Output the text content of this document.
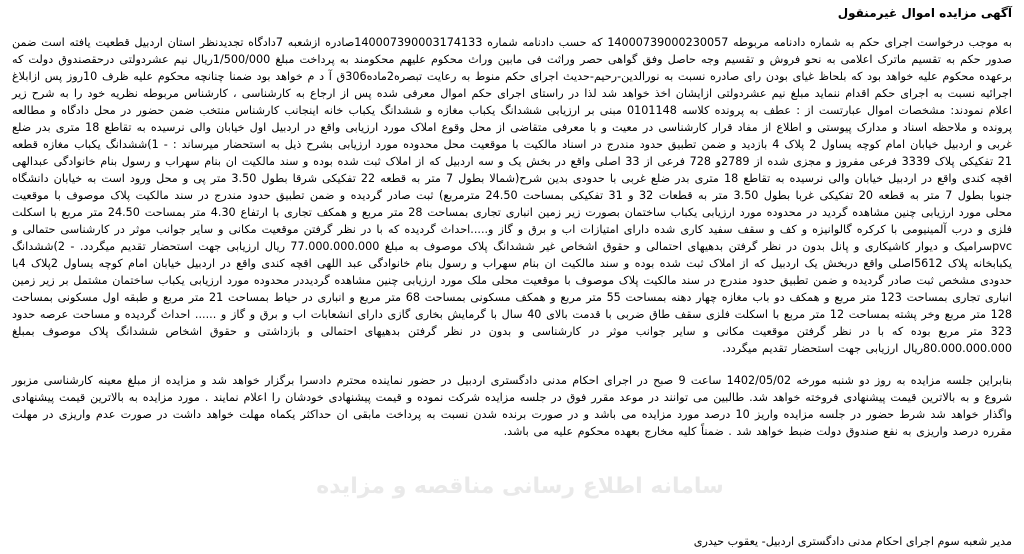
آگهی مزایده اموال غیرمنقول

به موجب درخواست اجرای حکم به شماره دادنامه مربوطه 14000739000230057 که حسب دادنامه شماره 140007390003174133صادره ازشعبه 7دادگاه تجدیدنظر استان اردبیل قطعیت یافته است ضمن صدور حکم به تقسیم ماترک اعلامی به نحو فروش و تقسیم وجه حاصل وفق گواهی حصر وراثت فی مابین وراث محکوم علیهم محکومند به پرداخت مبلغ 1/500/000ریال نیم عشردولتی درحقصندوق دولت که برعهده محکوم علیه خواهد بود که بلحاظ غیای بودن رای صادره نسبت به نورالدین-رحیم-حدیث اجرای حکم منوط به رعایت تبصره2ماده306ق آ د م خواهد بود ضمنا چنانچه محکوم علیه ظرف 10روز پس ازابلاغ اجرائیه نسبت به اجرای حکم اقدام ننماید مبلغ نیم عشردولتی ازایشان اخذ خواهد شد لذا در راستای اجرای حکم اموال معرفی شده پس از ارجاع به کارشناسی ، کارشناس مربوطه نظریه خود را به شرح زیر اعلام نمودند: مشخصات اموال عبارتست از : عطف به پرونده کلاسه 0101148 مبنی بر ارزیابی ششدانگ یکباب مغازه و ششدانگ یکباب خانه اینجانب کارشناس منتخب ضمن حضور در محل دادگاه و مطالعه پرونده و ملاحظه اسناد و مدارک پیوستی و اطلاع از مفاد قرار کارشناسی در معیت و با معرفی متقاضی از محل وقوع املاک مورد ارزیابی واقع در اردبیل اول خیابان والی نرسیده به تقاطع 18 متری بدر ضلع غربی و اردبیل خیابان امام کوچه یساول 2 پلاک 4 بازدید و ضمن تطبیق حدود مندرج در اسناد مالکیت با موقعیت محل محدوده مورد ارزیابی بشرح ذیل به استحضار میرساند : - 1)ششدانگ یکباب مغازه قطعه 21 تفکیکی پلاک 3339 فرعی مفروز و مجزی شده از 2789و 728 فرعی از 33 اصلی واقع در بخش یک و سه اردبیل که از املاک ثبت شده بوده و سند مالکیت ان بنام سهراب و رسول بنام خانوادگی عبدالهی اقچه کندی واقع در اردبیل خیابان والی نرسیده به تقاطع 18 متری بدر ضلع غربی با حدودی بدین شرح(شمالا بطول 7 متر به قطعه 22 تفکیکی شرقا بطول 3.50 متر پی و محل ورود است به خیابان دانشگاه جنوبا بطول 7 متر به قطعه 20 تفکیکی غربا بطول 3.50 متر به قطعات 32 و 31 تفکیکی بمساحت 24.50 مترمربع) ثبت صادر گردیده و ضمن تطبیق حدود مندرج در سند مالکیت پلاک موصوف با موقعیت محلی مورد ارزیابی چنین مشاهده گردید در محدوده مورد ارزیابی یکباب ساختمان بصورت زیر زمین انباری تجاری بمساحت 28 متر مربع و همکف تجاری با ارتفاع 4.30 متر بمساحت 24.50 متر مربع با اسکلت فلزی و درب آلمینیومی با کرکره گالوانیزه و کف و سقف سفید کاری شده دارای امتیازات اب و برق و گاز و.....احداث گردیده که با در نظر گرفتن موقعیت مکانی و سایر جوانب موثر در کارشناسی حتمالی و pvcسرامیک و دیوار کاشیکاری و پانل بدون در نظر گرفتن بدهیهای احتمالی و حقوق اشخاص غیر ششدانگ پلاک موصوف به مبلغ 77.000.000.000 ریال ارزیابی جهت استحضار تقدیم میگردد. - 2)ششدانگ یکبابخانه پلاک 5612اصلی واقع دربخش یک اردبیل که از املاک ثبت شده بوده و سند مالکیت ان بنام سهراب و رسول بنام خانوادگی عبد اللهی اقچه کندی واقع در اردبیل خیابان امام کوچه یساول 2پلاک 4با حدودی مشخص ثبت صادر گردیده و ضمن تطبیق حدود مندرج در سند مالکیت پلاک موصوف با موقعیت محلی ملک مورد ارزیابی چنین مشاهده گردیددر محدوده مورد ارزیابی یکباب ساختمان مشتمل بر زیر زمین انباری تجاری بمساحت 123 متر مربع و همکف دو باب مغازه چهار دهنه بمساحت 55 متر مربع و همکف مسکونی بمساحت 68 متر مربع و انباری در حیاط بمساحت 21 متر مربع و طبقه اول مسکونی بمساحت 128 متر مربع وخر پشته بمساحت 12 متر مربع با اسکلت فلزی سقف طاق ضربی با قدمت بالای 40 سال با گرمایش بخاری گازی دارای انشعابات اب و برق و گاز و ...... احداث گردیده و مساحت عرصه حدود 323 متر مربع بوده که با در نظر گرفتن موقعیت مکانی و سایر جوانب موثر در کارشناسی و بدون در نظر گرفتن بدهیهای احتمالی و بازداشتی و حقوق اشخاص ششدانگ پلاک موصوف بمبلغ 80.000.000.000ریال ارزیابی جهت استحضار تقدیم میگردد.

بنابراین جلسه مزایده به روز دو شنبه مورخه 1402/05/02 ساعت 9 صبح در اجرای احکام مدنی دادگستری اردبیل در حضور نماینده محترم دادسرا برگزار خواهد شد و مزایده از مبلغ معینه کارشناسی مزبور شروع و به بالاترین قیمت پیشنهادی فروخته خواهد شد. طالبین می توانند در موعد مقرر فوق در جلسه مزایده شرکت نموده و قیمت پیشنهادی خودشان را اعلام نمایند . مورد مزایده به بالاترین قیمت پیشنهادی واگذار خواهد شد شرط حضور در جلسه مزایده واریز 10 درصد مورد مزایده می باشد و در صورت برنده شدن نسبت به پرداخت مابقی ان حداکثر یکماه مهلت خواهد داشت در صورت عدم واریزی در مهلت مقرره درصد واریزی به نفع صندوق دولت ضبط خواهد شد . ضمناً کلیه مخارج بعهده محکوم علیه می باشد.

سامانه اطلاع رسانی مناقصه و مزایده
مدیر شعبه سوم اجرای احکام مدنی دادگستری اردبیل- یعقوب حیدری
